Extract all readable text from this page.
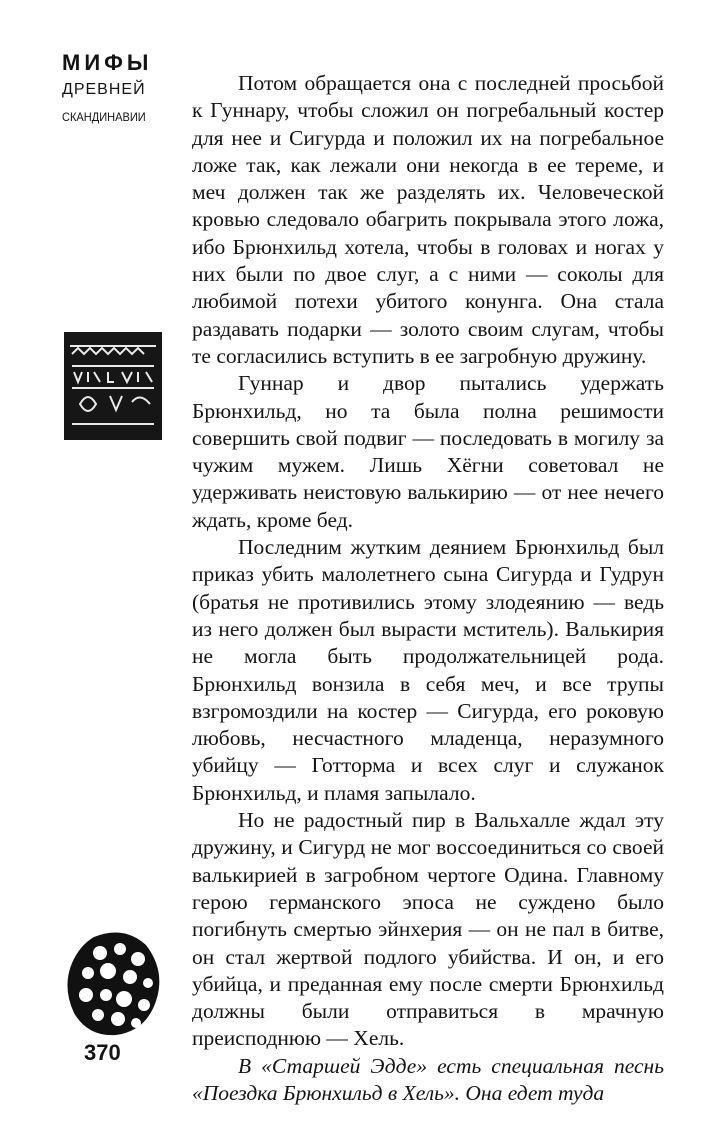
МИФЫ
ДРЕВНЕЙ
СКАНДИНАВИИ
370

Потом обращается она с последней просьбой к Гуннару, чтобы сложил он погребальный костер для нее и Сигурда и положил их на погребальное ложе так, как лежали они некогда в ее тереме, и меч должен так же разделять их. Человеческой кровью следовало обагрить покрывала этого ложа, ибо Брюнхильд хотела, чтобы в головах и ногах у них были по двое слуг, а с ними — соколы для любимой потехи убитого конунга. Она стала раздавать подарки — золото своим слугам, чтобы те согласились вступить в ее загробную дружину.

Гуннар и двор пытались удержать Брюнхильд, но та была полна решимости совершить свой подвиг — последовать в могилу за чужим мужем. Лишь Хёгни советовал не удерживать неистовую валькирию — от нее нечего ждать, кроме бед.

Последним жутким деянием Брюнхильд был приказ убить малолетнего сына Сигурда и Гудрун (братья не противились этому злодеянию — ведь из него должен был вырасти мститель). Валькирия не могла быть продолжательницей рода. Брюнхильд вонзила в себя меч, и все трупы взгромоздили на костер — Сигурда, его роковую любовь, несчастного младенца, неразумного убийцу — Готторма и всех слуг и служанок Брюнхильд, и пламя запылало.

Но не радостный пир в Вальхалле ждал эту дружину, и Сигурд не мог воссоединиться со своей валькирией в загробном чертоге Одина. Главному герою германского эпоса не суждено было погибнуть смертью эйнхерия — он не пал в битве, он стал жертвой подлого убийства. И он, и его убийца, и преданная ему после смерти Брюнхильд должны были отправиться в мрачную преисподнюю — Хель.

В «Старшей Эдде» есть специальная песнь «Поездка Брюнхильд в Хель». Она едет туда
